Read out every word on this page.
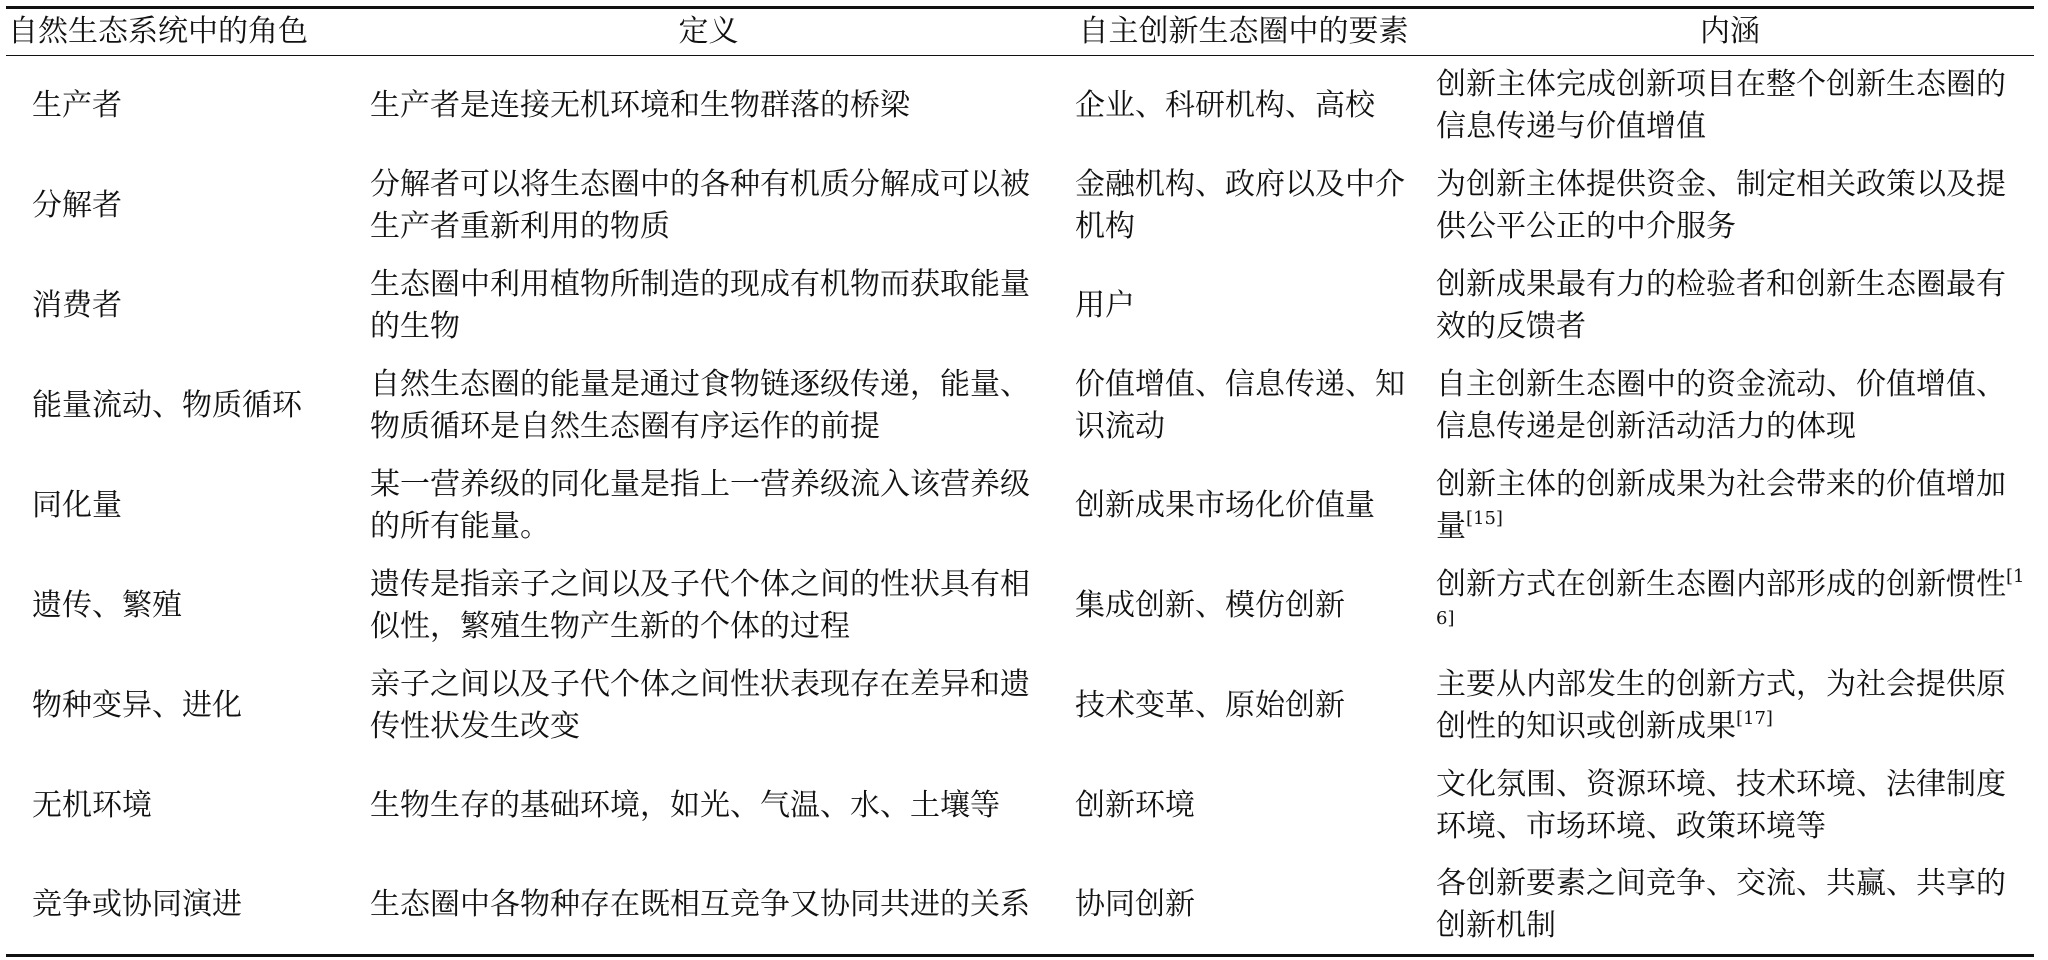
自然生态系统中的角色	定义	自主创新生态圈中的要素	内涵
生产者	生产者是连接无机环境和生物群落的桥梁	企业、科研机构、高校	创新主体完成创新项目在整个创新生态圈的信息传递与价值增值
分解者	分解者可以将生态圈中的各种有机质分解成可以被生产者重新利用的物质	金融机构、政府以及中介机构	为创新主体提供资金、制定相关政策以及提供公平公正的中介服务
消费者	生态圈中利用植物所制造的现成有机物而获取能量的生物	用户	创新成果最有力的检验者和创新生态圈最有效的反馈者
能量流动、物质循环	自然生态圈的能量是通过食物链逐级传递，能量、物质循环是自然生态圈有序运作的前提	价值增值、信息传递、知识流动	自主创新生态圈中的资金流动、价值增值、信息传递是创新活动活力的体现
同化量	某一营养级的同化量是指上一营养级流入该营养级的所有能量。	创新成果市场化价值量	创新主体的创新成果为社会带来的价值增加量[15]
遗传、繁殖	遗传是指亲子之间以及子代个体之间的性状具有相似性，繁殖生物产生新的个体的过程	集成创新、模仿创新	创新方式在创新生态圈内部形成的创新惯性[16]
物种变异、进化	亲子之间以及子代个体之间性状表现存在差异和遗传性状发生改变	技术变革、原始创新	主要从内部发生的创新方式，为社会提供原创性的知识或创新成果[17]
无机环境	生物生存的基础环境，如光、气温、水、土壤等	创新环境	文化氛围、资源环境、技术环境、法律制度环境、市场环境、政策环境等
竞争或协同演进	生态圈中各物种存在既相互竞争又协同共进的关系	协同创新	各创新要素之间竞争、交流、共赢、共享的创新机制
